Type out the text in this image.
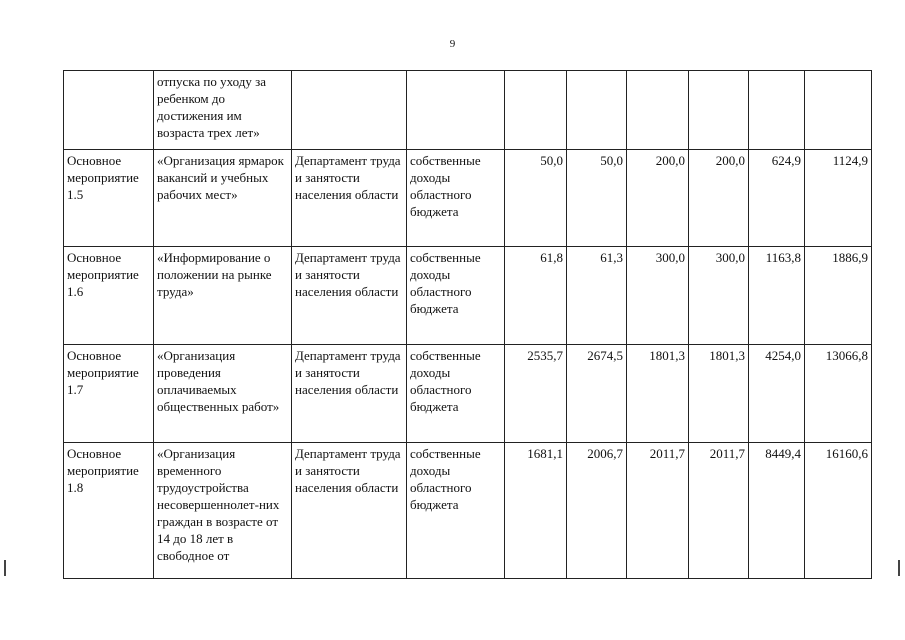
9
	отпуска по уходу за ребенком до достижения им возраста трех лет»								
Основное мероприятие 1.5	«Организация ярмарок вакансий и учебных рабочих мест»	Департамент труда и занятости населения области	собственные доходы областного бюджета	50,0	50,0	200,0	200,0	624,9	1124,9
Основное мероприятие 1.6	«Информирование о положении на рынке труда»	Департамент труда и занятости населения области	собственные доходы областного бюджета	61,8	61,3	300,0	300,0	1163,8	1886,9
Основное мероприятие 1.7	«Организация проведения оплачиваемых общественных работ»	Департамент труда и занятости населения области	собственные доходы областного бюджета	2535,7	2674,5	1801,3	1801,3	4254,0	13066,8
Основное мероприятие 1.8	«Организация временного трудоустройства несовершеннолет-них граждан в возрасте от 14 до 18 лет в свободное от	Департамент труда и занятости населения области	собственные доходы областного бюджета	1681,1	2006,7	2011,7	2011,7	8449,4	16160,6
